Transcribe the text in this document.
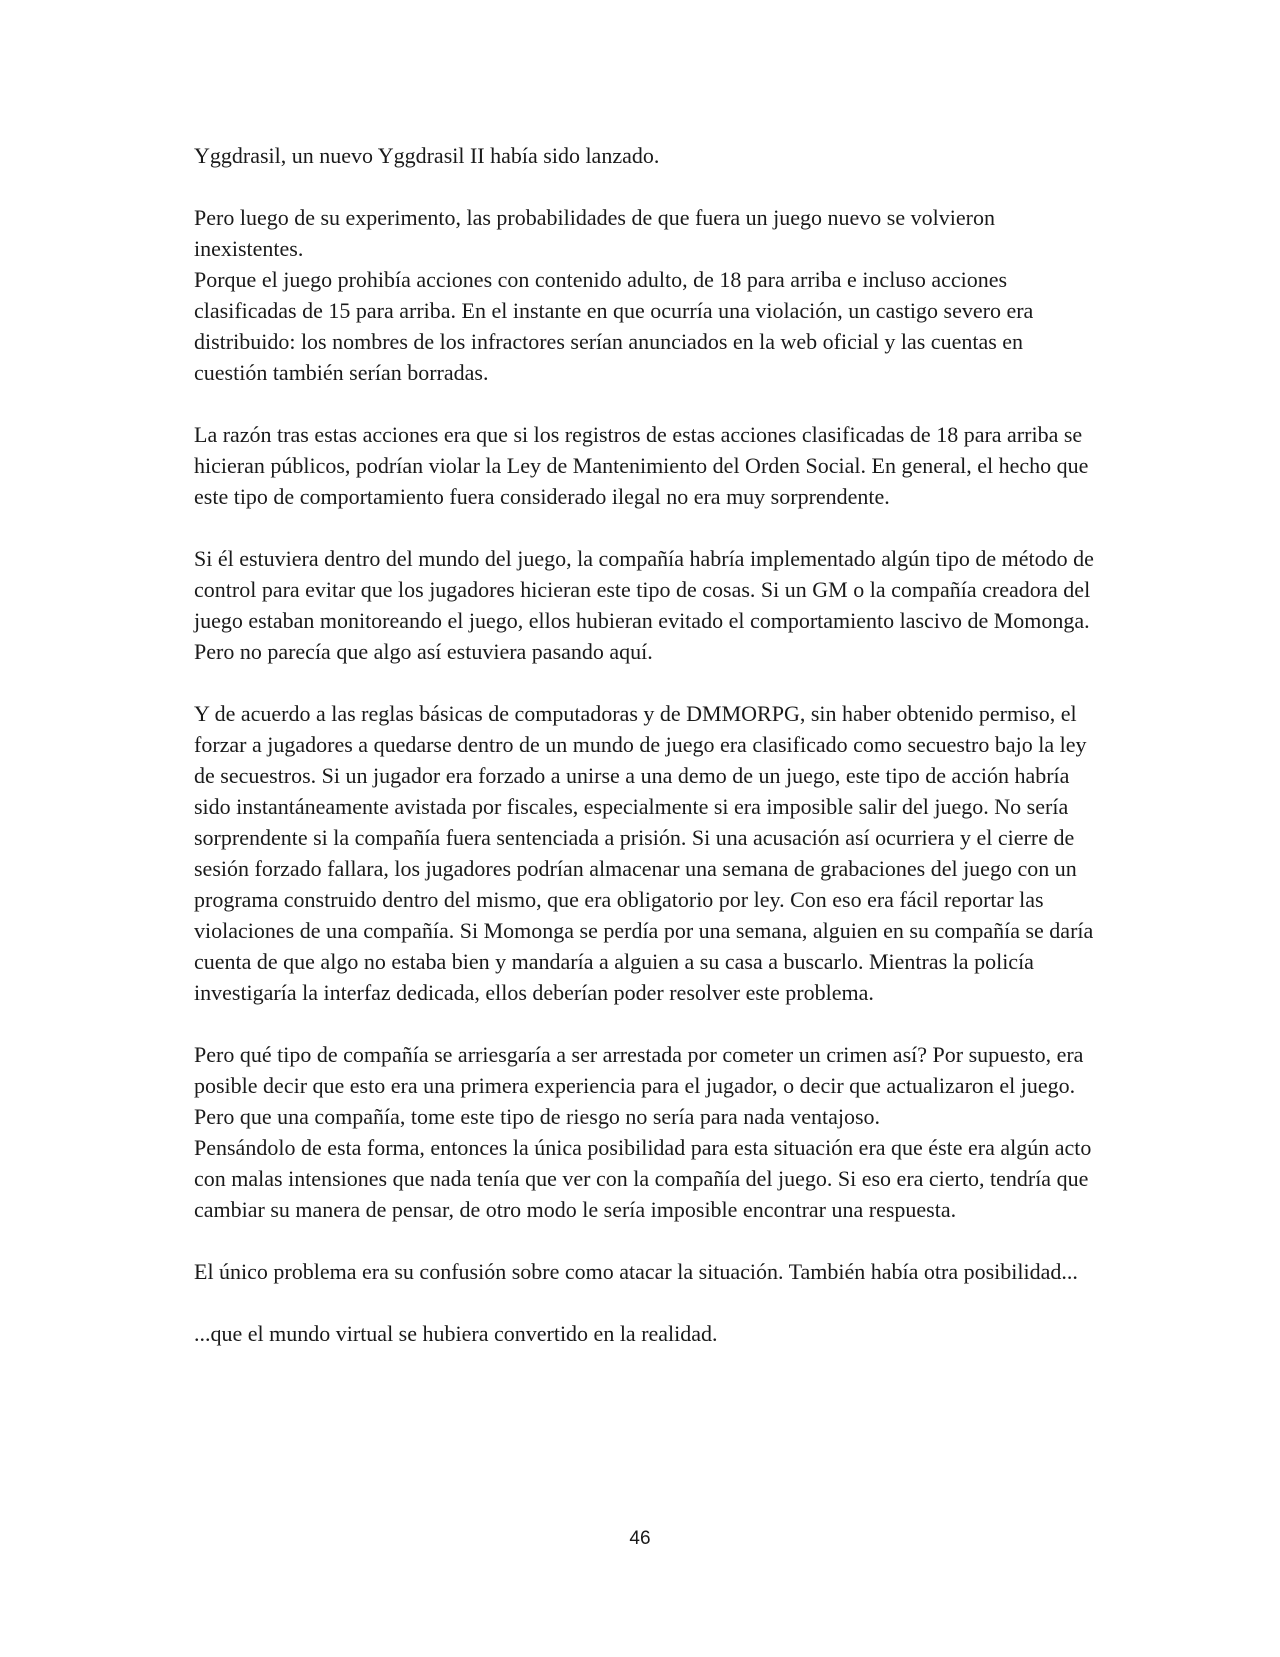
Yggdrasil, un nuevo Yggdrasil II había sido lanzado.

Pero luego de su experimento, las probabilidades de que fuera un juego nuevo se volvieron inexistentes.

Porque el juego prohibía acciones con contenido adulto, de 18 para arriba e incluso acciones clasificadas de 15 para arriba. En el instante en que ocurría una violación, un castigo severo era distribuido: los nombres de los infractores serían anunciados en la web oficial y las cuentas en cuestión también serían borradas.

La razón tras estas acciones era que si los registros de estas acciones clasificadas de 18 para arriba se hicieran públicos, podrían violar la Ley de Mantenimiento del Orden Social. En general, el hecho que este tipo de comportamiento fuera considerado ilegal no era muy sorprendente.

Si él estuviera dentro del mundo del juego, la compañía habría implementado algún tipo de método de control para evitar que los jugadores hicieran este tipo de cosas. Si un GM o la compañía creadora del juego estaban monitoreando el juego, ellos hubieran evitado el comportamiento lascivo de Momonga. Pero no parecía que algo así estuviera pasando aquí.

Y de acuerdo a las reglas básicas de computadoras y de DMMORPG, sin haber obtenido permiso, el forzar a jugadores a quedarse dentro de un mundo de juego era clasificado como secuestro bajo la ley de secuestros. Si un jugador era forzado a unirse a una demo de un juego, este tipo de acción habría sido instantáneamente avistada por fiscales, especialmente si era imposible salir del juego. No sería sorprendente si la compañía fuera sentenciada a prisión. Si una acusación así ocurriera y el cierre de sesión forzado fallara, los jugadores podrían almacenar una semana de grabaciones del juego con un programa construido dentro del mismo, que era obligatorio por ley. Con eso era fácil reportar las violaciones de una compañía. Si Momonga se perdía por una semana, alguien en su compañía se daría cuenta de que algo no estaba bien y mandaría a alguien a su casa a buscarlo. Mientras la policía investigaría la interfaz dedicada, ellos deberían poder resolver este problema.

Pero qué tipo de compañía se arriesgaría a ser arrestada por cometer un crimen así? Por supuesto, era posible decir que esto era una primera experiencia para el jugador, o decir que actualizaron el juego. Pero que una compañía, tome este tipo de riesgo no sería para nada ventajoso.

Pensándolo de esta forma, entonces la única posibilidad para esta situación era que éste era algún acto con malas intensiones que nada tenía que ver con la compañía del juego. Si eso era cierto, tendría que cambiar su manera de pensar, de otro modo le sería imposible encontrar una respuesta.

El único problema era su confusión sobre como atacar la situación. También había otra posibilidad...

...que el mundo virtual se hubiera convertido en la realidad.

46
